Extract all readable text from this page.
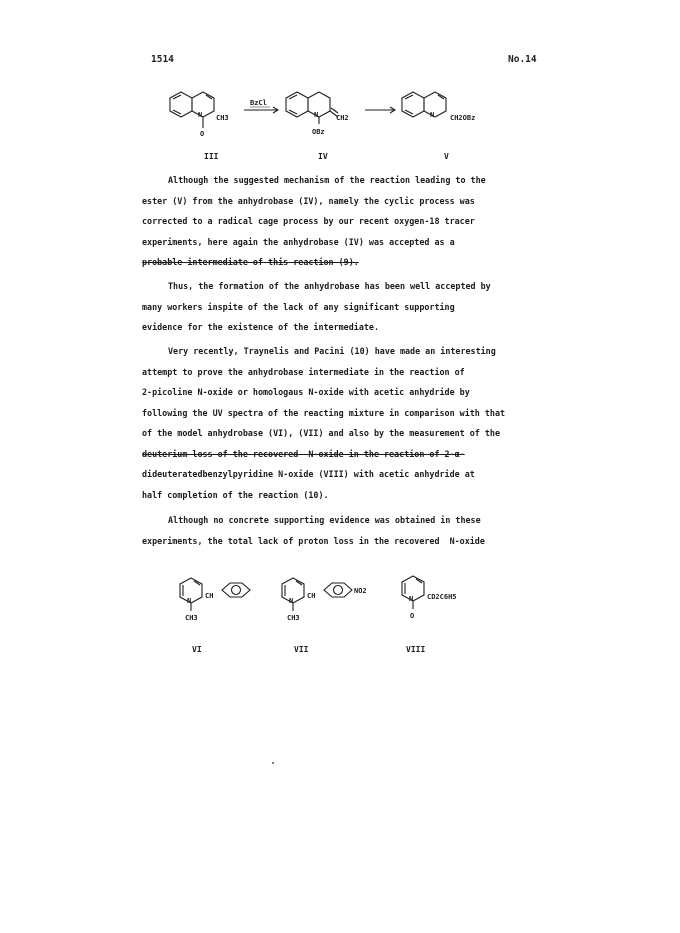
1514	No.14
N
O
CH3
BzCl
N
OBz
CH2	N CH2OBz
III	IV	V
Although the suggested mechanism of the reaction leading to the
ester (V) from the anhydrobase (IV), namely the cyclic process was
corrected to a radical cage process by our recent oxygen-18 tracer
experiments, here again the anhydrobase (IV) was accepted as a
probable intermediate of this reaction (9).
Thus, the formation of the anhydrobase has been well accepted by
many workers inspite of the lack of any significant supporting
evidence for the existence of the intermediate.
Very recently, Traynelis and Pacini (10) have made an interesting
attempt to prove the anhydrobase intermediate in the reaction of
2-picoline N-oxide or homologaus N-oxide with acetic anhydride by
following the UV spectra of the reacting mixture in comparison with that
of the model anhydrobase (VI), (VII) and also by the measurement of the
deuterium loss of the recovered  N-oxide in the reaction of 2-α-
dideuteratedbenzylpyridine N-oxide (VIII) with acetic anhydride at
half completion of the reaction (10).
Although no concrete supporting evidence was obtained in these
experiments, the total lack of proton loss in the recovered  N-oxide
N
CH
CH3
N
CH
NO2
CH3
N CD2C6H5
O
VI	VII	VIII
